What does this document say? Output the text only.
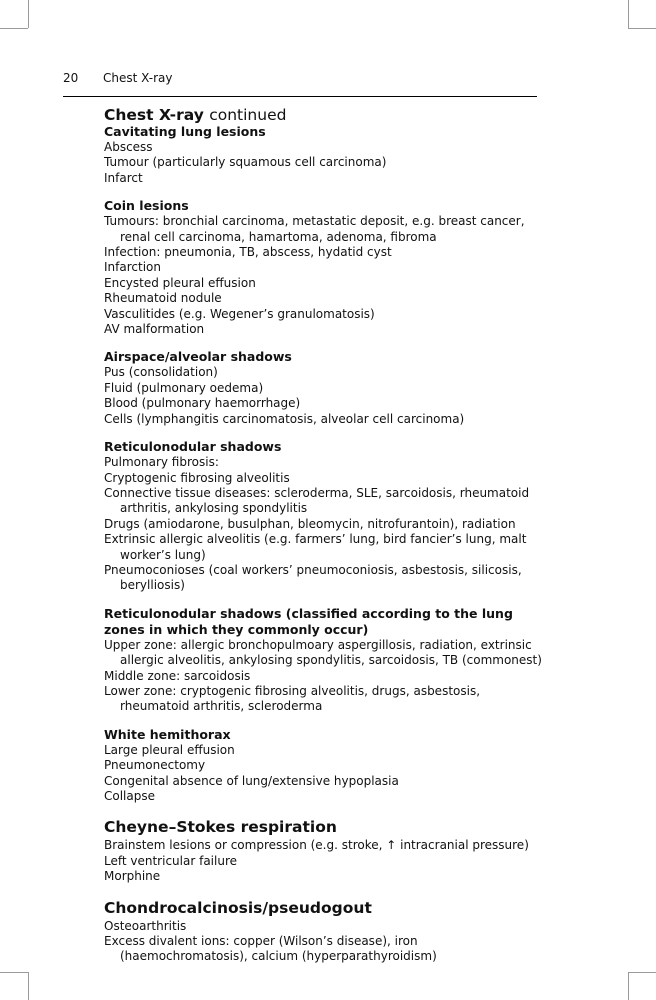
20 Chest X-ray
Chest X-ray continued
Cavitating lung lesions
Abscess
Tumour (particularly squamous cell carcinoma)
Infarct
Coin lesions
Tumours: bronchial carcinoma, metastatic deposit, e.g. breast cancer, renal cell carcinoma, hamartoma, adenoma, fibroma
Infection: pneumonia, TB, abscess, hydatid cyst
Infarction
Encysted pleural effusion
Rheumatoid nodule
Vasculitides (e.g. Wegener’s granulomatosis)
AV malformation
Airspace/alveolar shadows
Pus (consolidation)
Fluid (pulmonary oedema)
Blood (pulmonary haemorrhage)
Cells (lymphangitis carcinomatosis, alveolar cell carcinoma)
Reticulonodular shadows
Pulmonary fibrosis:
Cryptogenic fibrosing alveolitis
Connective tissue diseases: scleroderma, SLE, sarcoidosis, rheumatoid arthritis, ankylosing spondylitis
Drugs (amiodarone, busulphan, bleomycin, nitrofurantoin), radiation
Extrinsic allergic alveolitis (e.g. farmers’ lung, bird fancier’s lung, malt worker’s lung)
Pneumoconioses (coal workers’ pneumoconiosis, asbestosis, silicosis, berylliosis)
Reticulonodular shadows (classified according to the lung zones in which they commonly occur)
Upper zone: allergic bronchopulmoary aspergillosis, radiation, extrinsic allergic alveolitis, ankylosing spondylitis, sarcoidosis, TB (commonest)
Middle zone: sarcoidosis
Lower zone: cryptogenic fibrosing alveolitis, drugs, asbestosis, rheumatoid arthritis, scleroderma
White hemithorax
Large pleural effusion
Pneumonectomy
Congenital absence of lung/extensive hypoplasia
Collapse
Cheyne–Stokes respiration
Brainstem lesions or compression (e.g. stroke, ↑ intracranial pressure)
Left ventricular failure
Morphine
Chondrocalcinosis/pseudogout
Osteoarthritis
Excess divalent ions: copper (Wilson’s disease), iron (haemochromatosis), calcium (hyperparathyroidism)
